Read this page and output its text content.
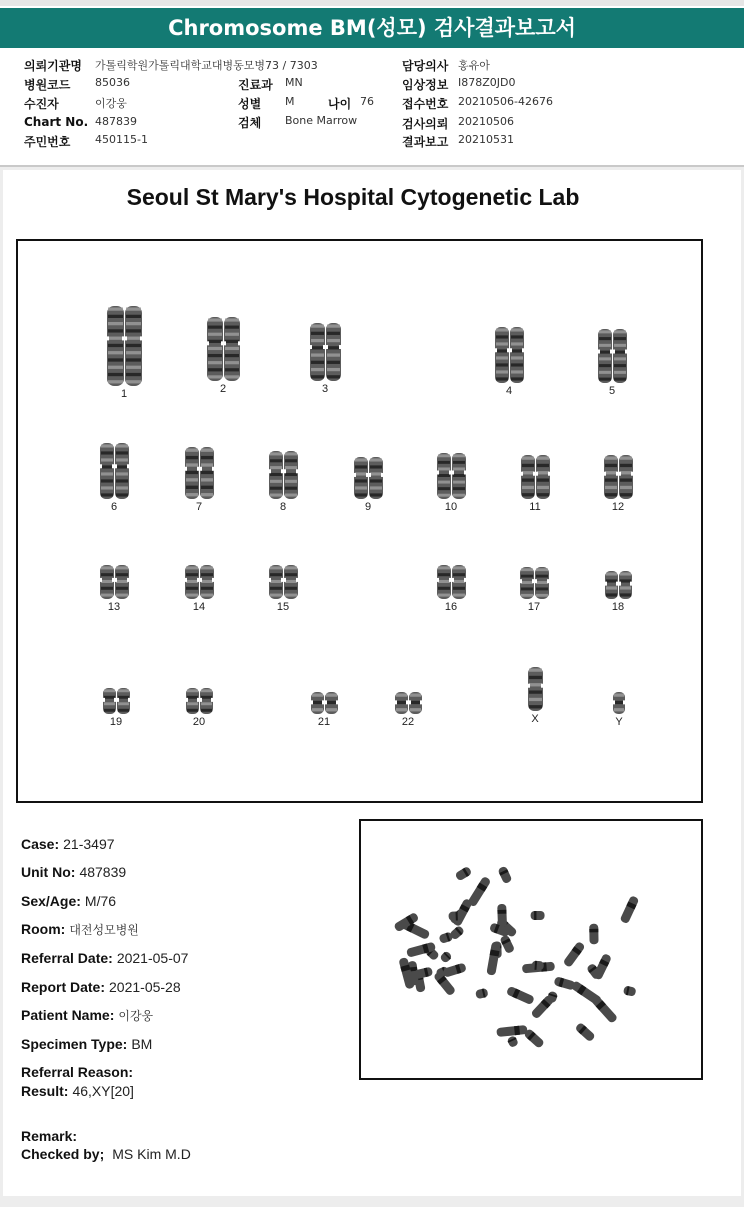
Chromosome BM(성모) 검사결과보고서
의뢰기관명 가톨릭학원가톨릭대학교대병동모병73 / 7303
병원코드 85036
수진자	이강웅
Chart No. 487839
주민번호 450115-1
진료과 MN
성별 M	나이 76
검체 Bone Marrow
담당의사 홍유아
임상정보 I878Z0JD0
접수번호 20210506-42676
검사의뢰 20210506
결과보고 20210531
Seoul St Mary's Hospital Cytogenetic Lab
1	2	3	4	5
6	7	8	9	10	11	12
13	14	15	16	17	18
19	20	21	22	X	Y
Case: 21-3497
Unit No: 487839
Sex/Age: M/76
Room: 대전성모병원
Referral Date: 2021-05-07
Report Date: 2021-05-28
Patient Name: 이강웅
Specimen Type: BM
Referral Reason:
Result: 46,XY[20]
Remark:
Checked by; MS Kim M.D
